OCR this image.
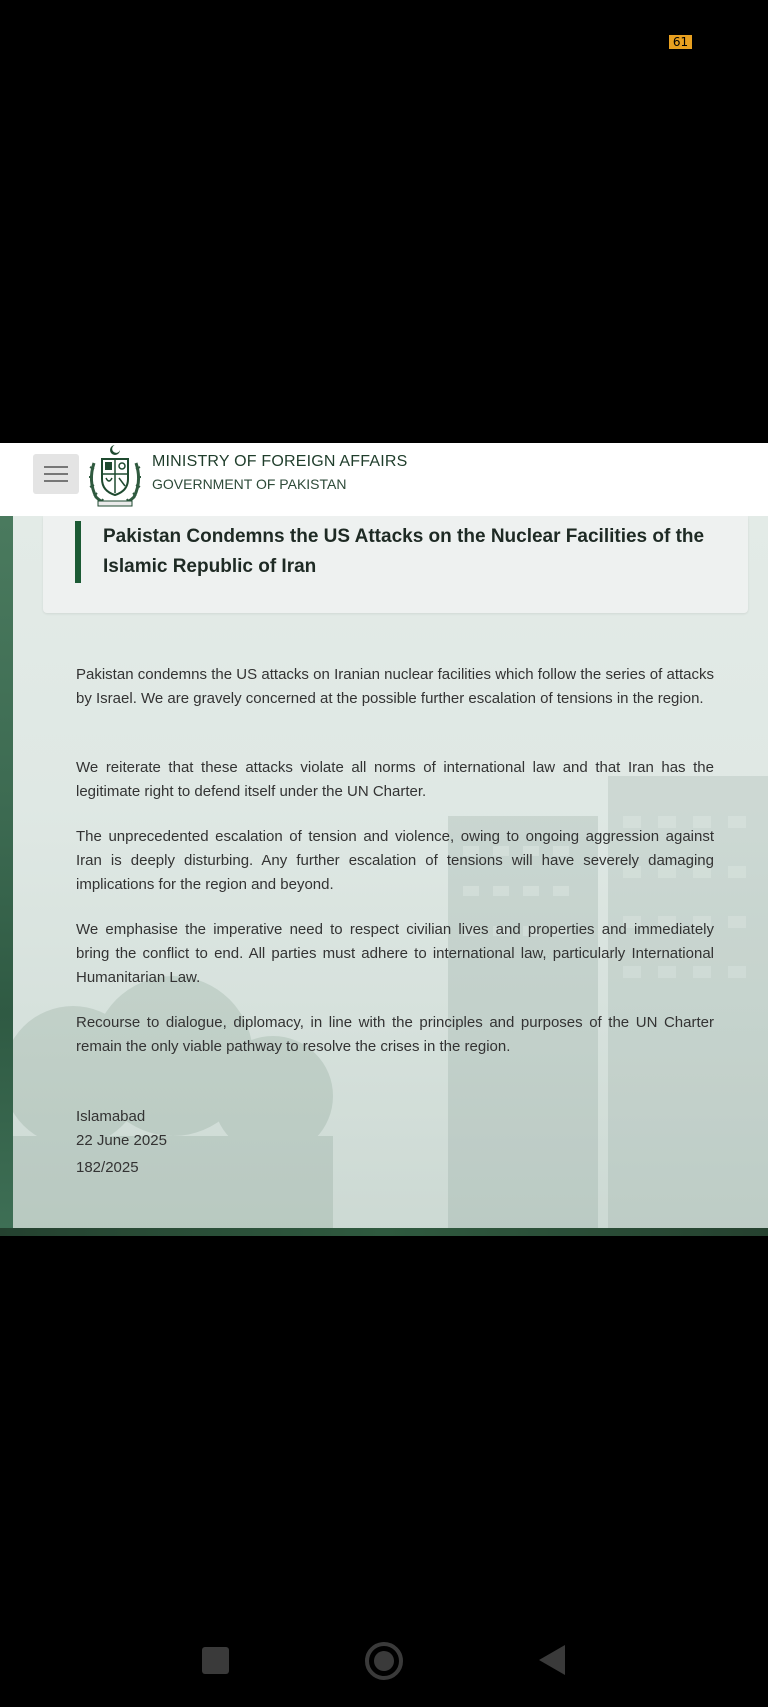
61
MINISTRY OF FOREIGN AFFAIRS
GOVERNMENT OF PAKISTAN
Pakistan Condemns the US Attacks on the Nuclear Facilities of the Islamic Republic of Iran

Pakistan condemns the US attacks on Iranian nuclear facilities which follow the series of attacks by Israel. We are gravely concerned at the possible further escalation of tensions in the region.

We reiterate that these attacks violate all norms of international law and that Iran has the legitimate right to defend itself under the UN Charter.

The unprecedented escalation of tension and violence, owing to ongoing aggression against Iran is deeply disturbing. Any further escalation of tensions will have severely damaging implications for the region and beyond.

We emphasise the imperative need to respect civilian lives and properties and immediately bring the conflict to end. All parties must adhere to international law, particularly International Humanitarian Law.

Recourse to dialogue, diplomacy, in line with the principles and purposes of the UN Charter remain the only viable pathway to resolve the crises in the region.

Islamabad
22 June 2025
182/2025
